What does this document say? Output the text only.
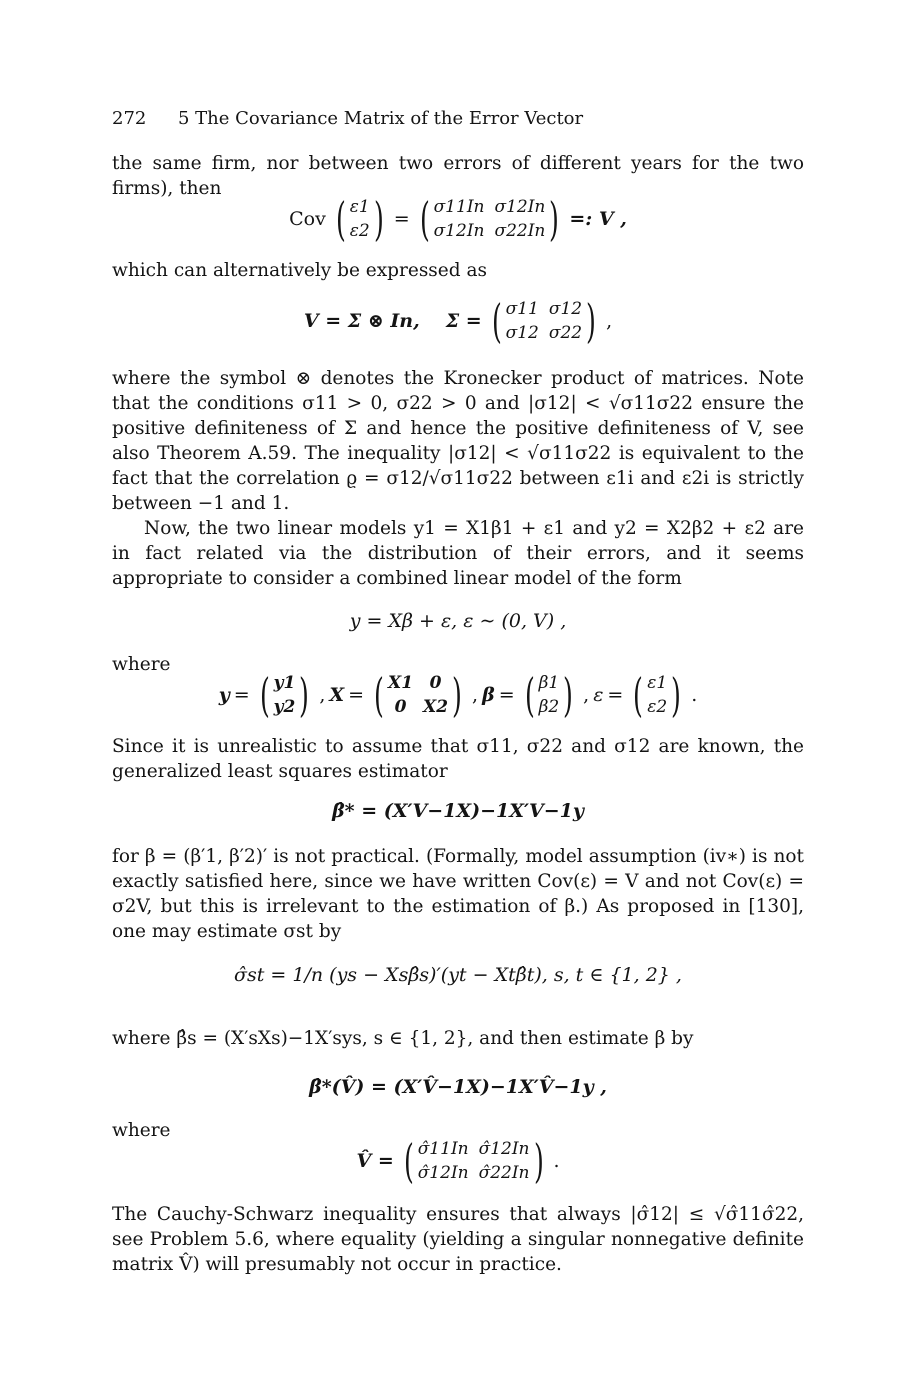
272 5 The Covariance Matrix of the Error Vector
the same firm, nor between two errors of different years for the two firms), then
Cov ( ε1
ε2 ) = ( σ11In σ12In
σ12In σ22In ) =: V ,
which can alternatively be expressed as
V = Σ ⊗ In, Σ = ( σ11 σ12
σ12 σ22 ) ,
where the symbol ⊗ denotes the Kronecker product of matrices. Note that the conditions σ11 > 0, σ22 > 0 and |σ12| < √σ11σ22 ensure the positive definiteness of Σ and hence the positive definiteness of V, see also Theorem A.59. The inequality |σ12| < √σ11σ22 is equivalent to the fact that the correlation ϱ = σ12/√σ11σ22 between ε1i and ε2i is strictly between −1 and 1.
Now, the two linear models y1 = X1β1 + ε1 and y2 = X2β2 + ε2 are in fact related via the distribution of their errors, and it seems appropriate to consider a combined linear model of the form
y = Xβ + ε, ε ∼ (0, V) ,
where
y = ( y1
y2 ) , X = ( X1 0
0 X2 ) , β = ( β1
β2 ) , ε = ( ε1
ε2 ) .
Since it is unrealistic to assume that σ11, σ22 and σ12 are known, the generalized least squares estimator
β̂* = (X′V−1X)−1X′V−1y
for β = (β′1, β′2)′ is not practical. (Formally, model assumption (iv∗) is not exactly satisfied here, since we have written Cov(ε) = V and not Cov(ε) = σ2V, but this is irrelevant to the estimation of β.) As proposed in [130], one may estimate σst by
σ̂st = 1/n (ys − Xsβ̂s)′(yt − Xtβ̂t), s, t ∈ {1, 2} ,
where β̂s = (X′sXs)−1X′sys, s ∈ {1, 2}, and then estimate β by
β̂*(V̂) = (X′V̂−1X)−1X′V̂−1y ,
where
V̂ = ( σ̂11In σ̂12In
σ̂12In σ̂22In ) .
The Cauchy-Schwarz inequality ensures that always |σ̂12| ≤ √σ̂11σ̂22, see Problem 5.6, where equality (yielding a singular nonnegative definite matrix V̂) will presumably not occur in practice.
